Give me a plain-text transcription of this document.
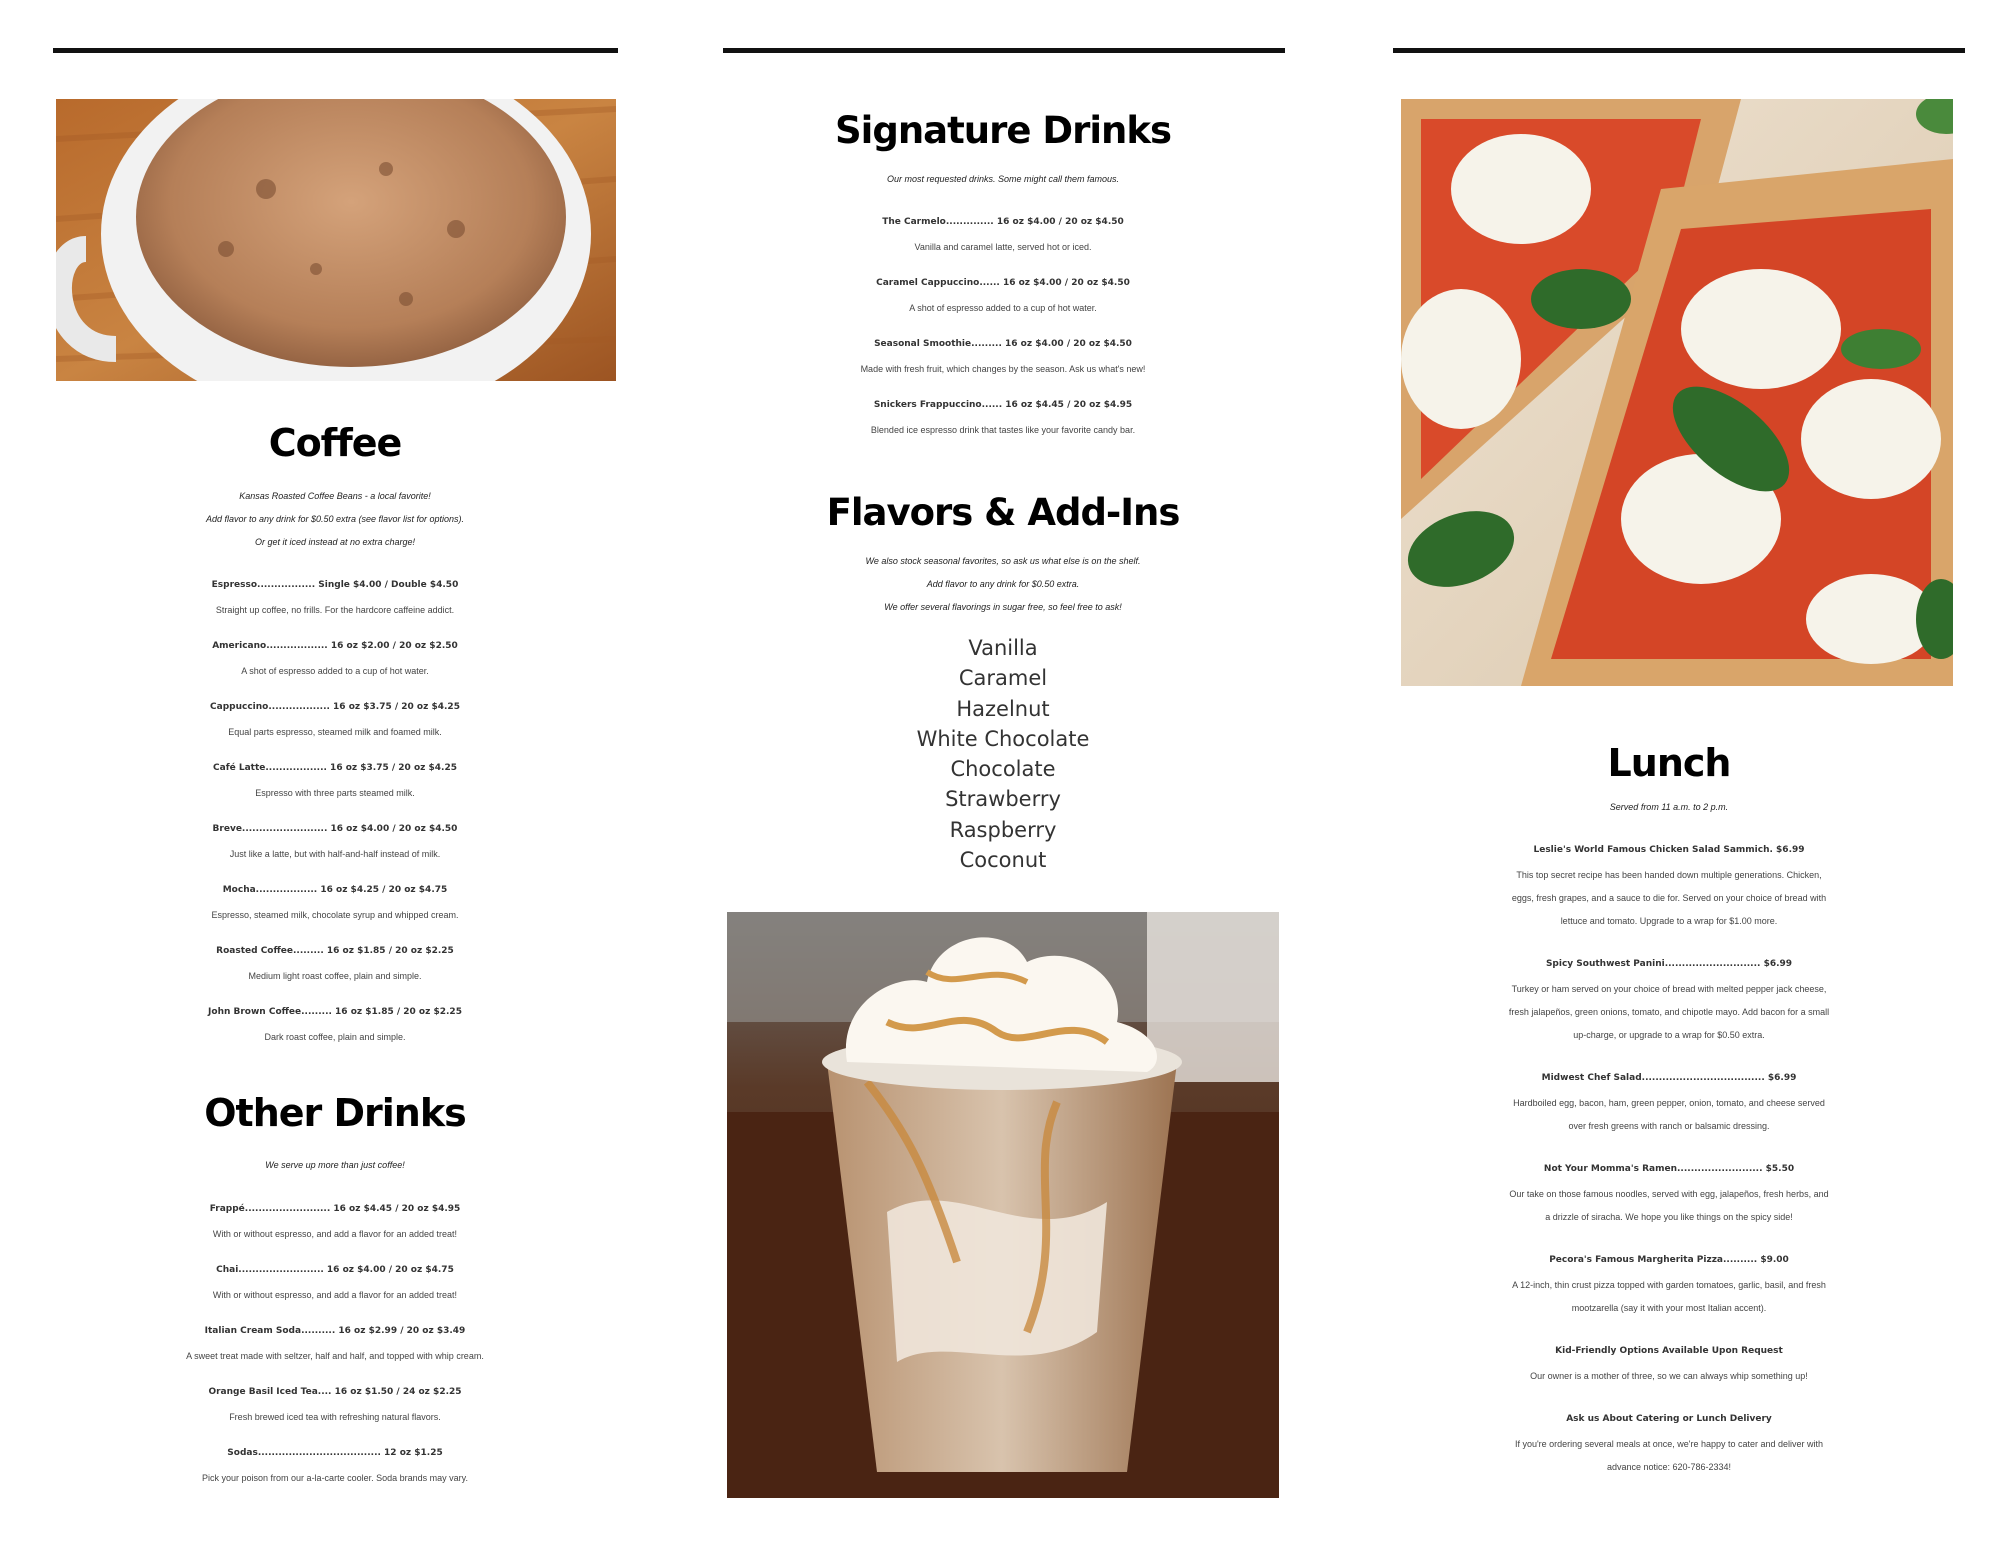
Coffee
Kansas Roasted Coffee Beans - a local favorite!
Add flavor to any drink for $0.50 extra (see flavor list for options).
Or get it iced instead at no extra charge!
Espresso................. Single $4.00 / Double $4.50
Straight up coffee, no frills. For the hardcore caffeine addict.
Americano.................. 16 oz $2.00 / 20 oz $2.50
A shot of espresso added to a cup of hot water.
Cappuccino.................. 16 oz $3.75 / 20 oz $4.25
Equal parts espresso, steamed milk and foamed milk.
Café Latte.................. 16 oz $3.75 / 20 oz $4.25
Espresso with three parts steamed milk.
Breve......................... 16 oz $4.00 / 20 oz $4.50
Just like a latte, but with half-and-half instead of milk.
Mocha.................. 16 oz $4.25 / 20 oz $4.75
Espresso, steamed milk, chocolate syrup and whipped cream.
Roasted Coffee......... 16 oz $1.85 / 20 oz $2.25
Medium light roast coffee, plain and simple.
John Brown Coffee......... 16 oz $1.85 / 20 oz $2.25
Dark roast coffee, plain and simple.
Other Drinks
We serve up more than just coffee!
Frappé......................... 16 oz $4.45 / 20 oz $4.95
With or without espresso, and add a flavor for an added treat!
Chai......................... 16 oz $4.00 / 20 oz $4.75
With or without espresso, and add a flavor for an added treat!
Italian Cream Soda.......... 16 oz $2.99 / 20 oz $3.49
A sweet treat made with seltzer, half and half, and topped with whip cream.
Orange Basil Iced Tea.... 16 oz $1.50 / 24 oz $2.25
Fresh brewed iced tea with refreshing natural flavors.
Sodas.................................... 12 oz $1.25
Pick your poison from our a-la-carte cooler. Soda brands may vary.
Signature Drinks
Our most requested drinks. Some might call them famous.
The Carmelo.............. 16 oz $4.00 / 20 oz $4.50
Vanilla and caramel latte, served hot or iced.
Caramel Cappuccino...... 16 oz $4.00 / 20 oz $4.50
A shot of espresso added to a cup of hot water.
Seasonal Smoothie......... 16 oz $4.00 / 20 oz $4.50
Made with fresh fruit, which changes by the season. Ask us what's new!
Snickers Frappuccino...... 16 oz $4.45 / 20 oz $4.95
Blended ice espresso drink that tastes like your favorite candy bar.
Flavors & Add-Ins
We also stock seasonal favorites, so ask us what else is on the shelf.
Add flavor to any drink for $0.50 extra.
We offer several flavorings in sugar free, so feel free to ask!
Vanilla
Caramel
Hazelnut
White Chocolate
Chocolate
Strawberry
Raspberry
Coconut
Lunch
Served from 11 a.m. to 2 p.m.
Leslie's World Famous Chicken Salad Sammich. $6.99
This top secret recipe has been handed down multiple generations. Chicken,
eggs, fresh grapes, and a sauce to die for. Served on your choice of bread with
lettuce and tomato. Upgrade to a wrap for $1.00 more.
Spicy Southwest Panini............................ $6.99
Turkey or ham served on your choice of bread with melted pepper jack cheese,
fresh jalapeños, green onions, tomato, and chipotle mayo. Add bacon for a small
up-charge, or upgrade to a wrap for $0.50 extra.
Midwest Chef Salad.................................... $6.99
Hardboiled egg, bacon, ham, green pepper, onion, tomato, and cheese served
over fresh greens with ranch or balsamic dressing.
Not Your Momma's Ramen......................... $5.50
Our take on those famous noodles, served with egg, jalapeños, fresh herbs, and
a drizzle of siracha. We hope you like things on the spicy side!
Pecora's Famous Margherita Pizza.......... $9.00
A 12-inch, thin crust pizza topped with garden tomatoes, garlic, basil, and fresh
mootzarella (say it with your most Italian accent).
Kid-Friendly Options Available Upon Request
Our owner is a mother of three, so we can always whip something up!
Ask us About Catering or Lunch Delivery
If you're ordering several meals at once, we're happy to cater and deliver with
advance notice: 620-786-2334!
